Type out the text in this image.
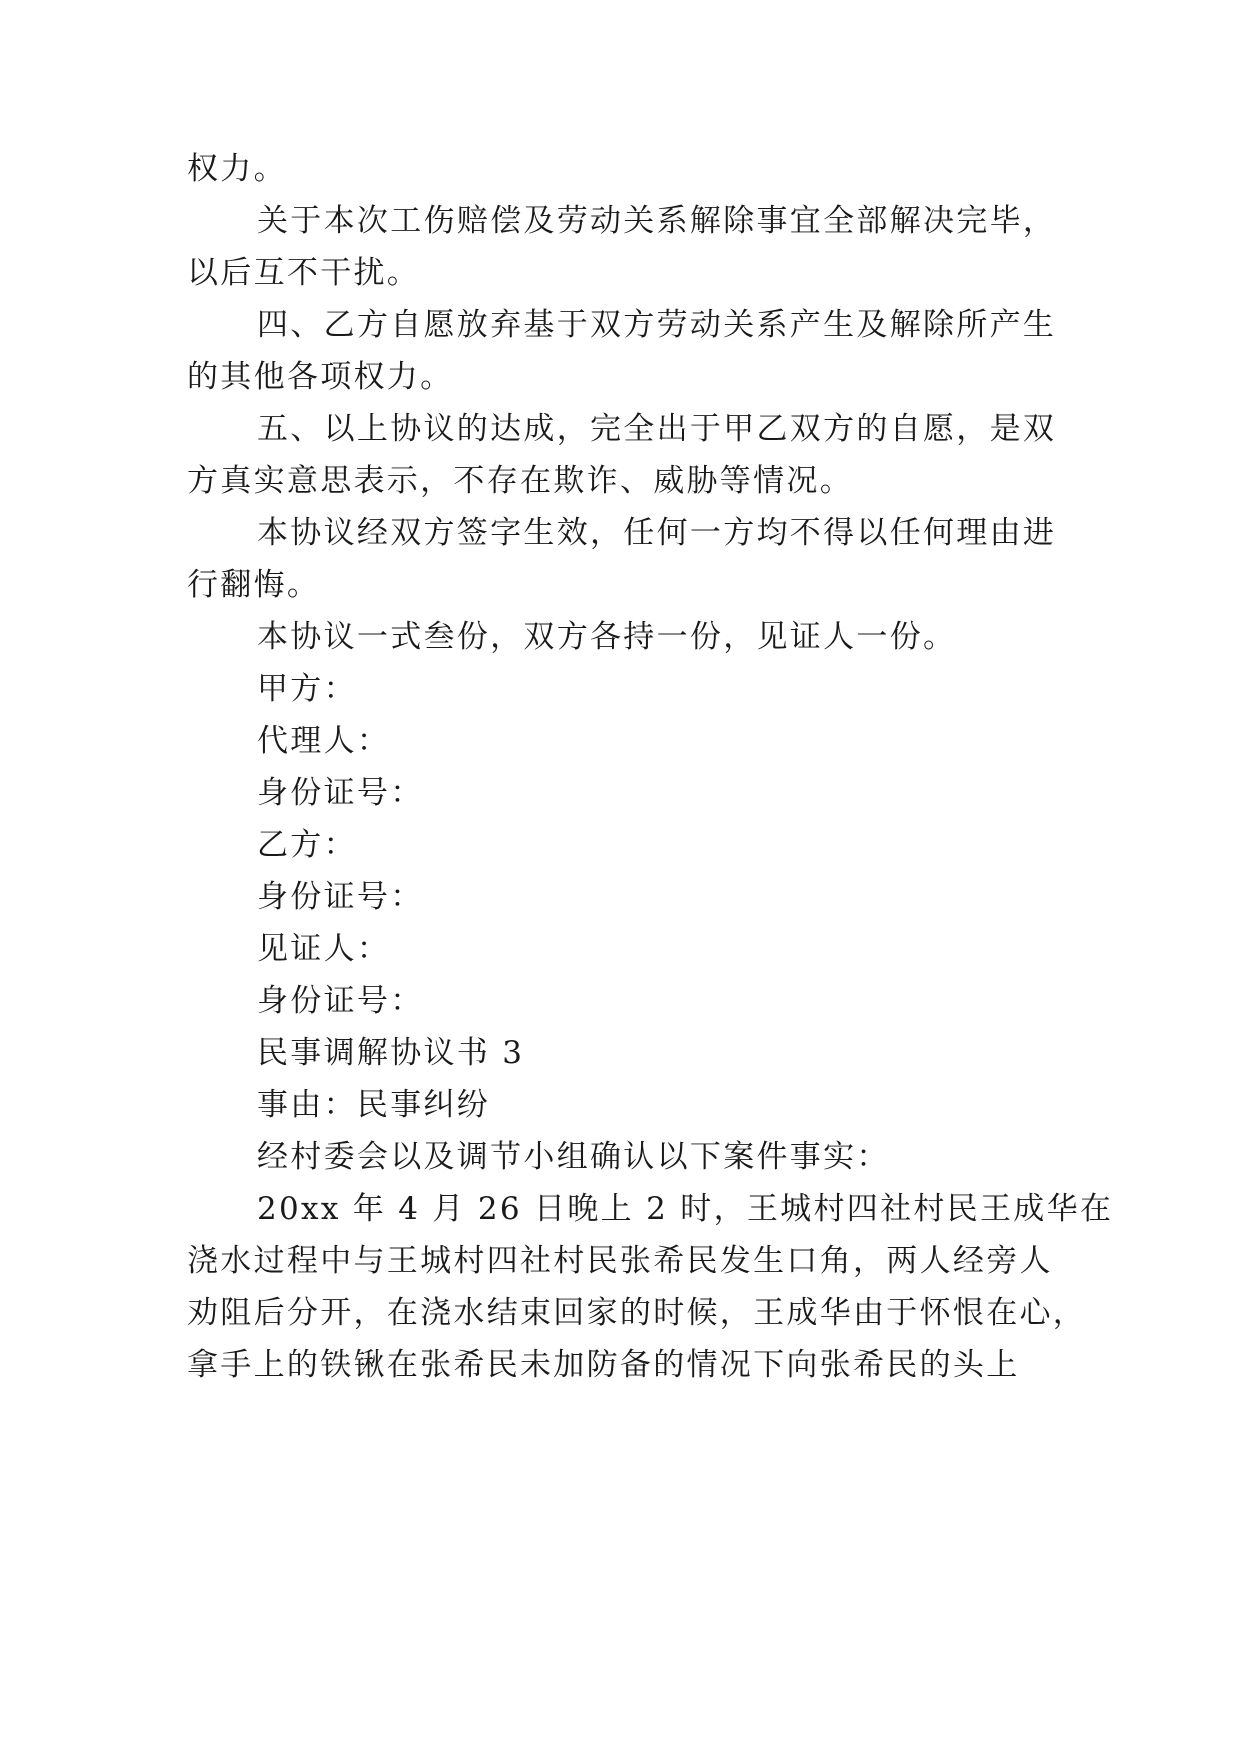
权力。
关于本次工伤赔偿及劳动关系解除事宜全部解决完毕，
以后互不干扰。
四、乙方自愿放弃基于双方劳动关系产生及解除所产生
的其他各项权力。
五、以上协议的达成，完全出于甲乙双方的自愿，是双
方真实意思表示，不存在欺诈、威胁等情况。
本协议经双方签字生效，任何一方均不得以任何理由进
行翻悔。
本协议一式叁份，双方各持一份，见证人一份。
甲方：
代理人：
身份证号：
乙方：
身份证号：
见证人：
身份证号：
民事调解协议书 3
事由：民事纠纷
经村委会以及调节小组确认以下案件事实：
20xx 年 4 月 26 日晚上 2 时，王城村四社村民王成华在
浇水过程中与王城村四社村民张希民发生口角，两人经旁人
劝阻后分开，在浇水结束回家的时候，王成华由于怀恨在心，
拿手上的铁锹在张希民未加防备的情况下向张希民的头上
